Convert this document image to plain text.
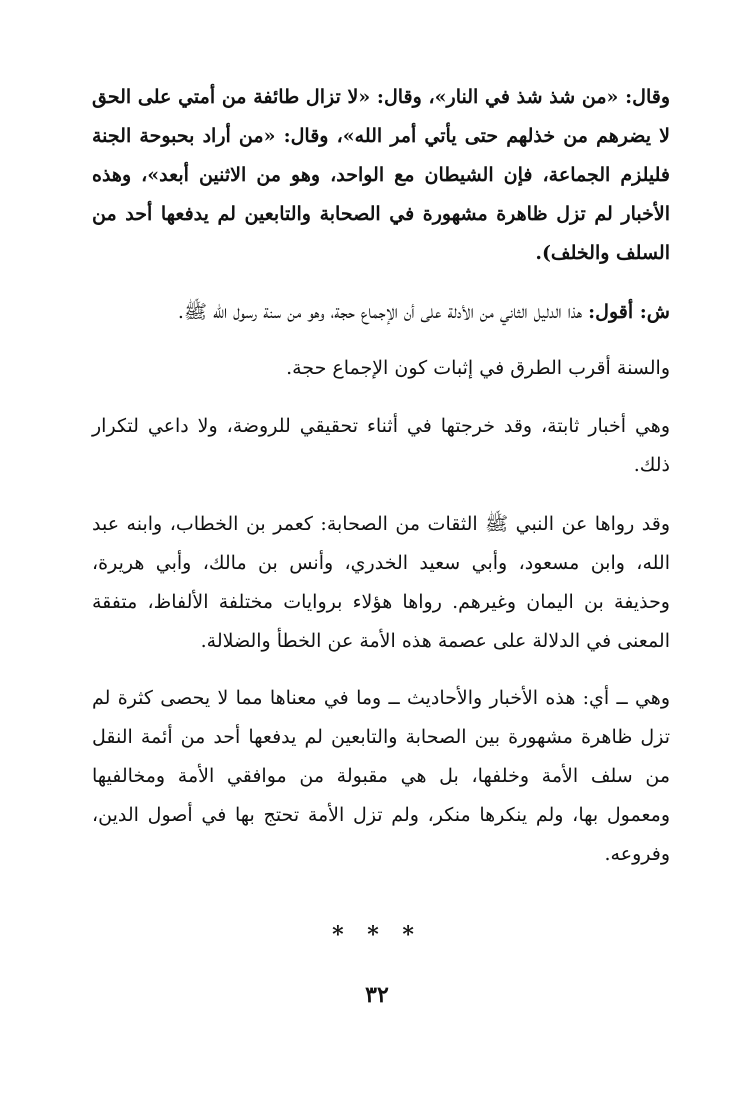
وقال: «من شذ شذ في النار»، وقال: «لا تزال طائفة من أمتي على الحق لا يضرهم من خذلهم حتى يأتي أمر الله»، وقال: «من أراد بحبوحة الجنة فليلزم الجماعة، فإن الشيطان مع الواحد، وهو من الاثنين أبعد»، وهذه الأخبار لم تزل ظاهرة مشهورة في الصحابة والتابعين لم يدفعها أحد من السلف والخلف).

ش: أقول: هذا الدليل الثاني من الأدلة على أن الإجماع حجة، وهو من سنة رسول الله ﷺ.

والسنة أقرب الطرق في إثبات كون الإجماع حجة.

وهي أخبار ثابتة، وقد خرجتها في أثناء تحقيقي للروضة، ولا داعي لتكرار ذلك.

وقد رواها عن النبي ﷺ الثقات من الصحابة: كعمر بن الخطاب، وابنه عبد الله، وابن مسعود، وأبي سعيد الخدري، وأنس بن مالك، وأبي هريرة، وحذيفة بن اليمان وغيرهم. رواها هؤلاء بروايات مختلفة الألفاظ، متفقة المعنى في الدلالة على عصمة هذه الأمة عن الخطأ والضلالة.

وهي ــ أي: هذه الأخبار والأحاديث ــ وما في معناها مما لا يحصى كثرة لم تزل ظاهرة مشهورة بين الصحابة والتابعين لم يدفعها أحد من أئمة النقل من سلف الأمة وخلفها، بل هي مقبولة من موافقي الأمة ومخالفيها ومعمول بها، ولم ينكرها منكر، ولم تزل الأمة تحتج بها في أصول الدين، وفروعه.

* * *
٣٢
